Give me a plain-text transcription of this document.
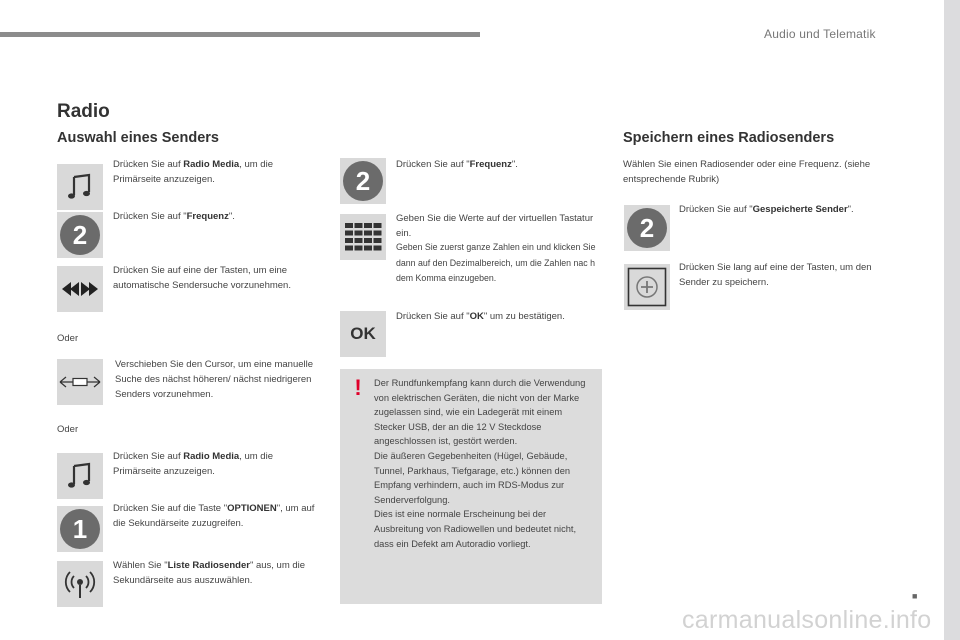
Audio und Telematik
Radio
Auswahl eines Senders	Speichern eines Radiosenders
Drücken Sie auf Radio Media, um die Primärseite anzuzeigen.
2
Drücken Sie auf "Frequenz".
Drücken Sie auf eine der Tasten, um eine automatische Sendersuche vorzunehmen.
Oder
Verschieben Sie den Cursor, um eine manuelle Suche des nächst höheren/ nächst niedrigeren Senders vorzunehmen.
Oder
Drücken Sie auf Radio Media, um die Primärseite anzuzeigen.
1
Drücken Sie auf die Taste "OPTIONEN", um auf die Sekundärseite zuzugreifen.
Wählen Sie "Liste Radiosender" aus, um die Sekundärseite aus auszuwählen.
2
Drücken Sie auf "Frequenz".
Geben Sie die Werte auf der virtuellen Tastatur ein.
Geben Sie zuerst ganze Zahlen ein und klicken Sie dann auf den Dezimalbereich, um die Zahlen nac h dem Komma einzugeben.
OK
Drücken Sie auf "OK" um zu bestätigen.
! Der Rundfunkempfang kann durch die Verwendung von elektrischen Geräten, die nicht von der Marke zugelassen sind, wie ein Ladegerät mit einem Stecker USB, der an die 12 V Steckdose angeschlossen ist, gestört werden.
Die äußeren Gegebenheiten (Hügel, Gebäude, Tunnel, Parkhaus, Tiefgarage, etc.) können den Empfang verhindern, auch im RDS-Modus zur Senderverfolgung.
Dies ist eine normale Erscheinung bei der Ausbreitung von Radiowellen und bedeutet nicht, dass ein Defekt am Autoradio vorliegt.
Wählen Sie einen Radiosender oder eine Frequenz. (siehe entsprechende Rubrik)
2
Drücken Sie auf "Gespeicherte Sender".
Drücken Sie lang auf eine der Tasten, um den Sender zu speichern.
■
carmanualsonline.info
